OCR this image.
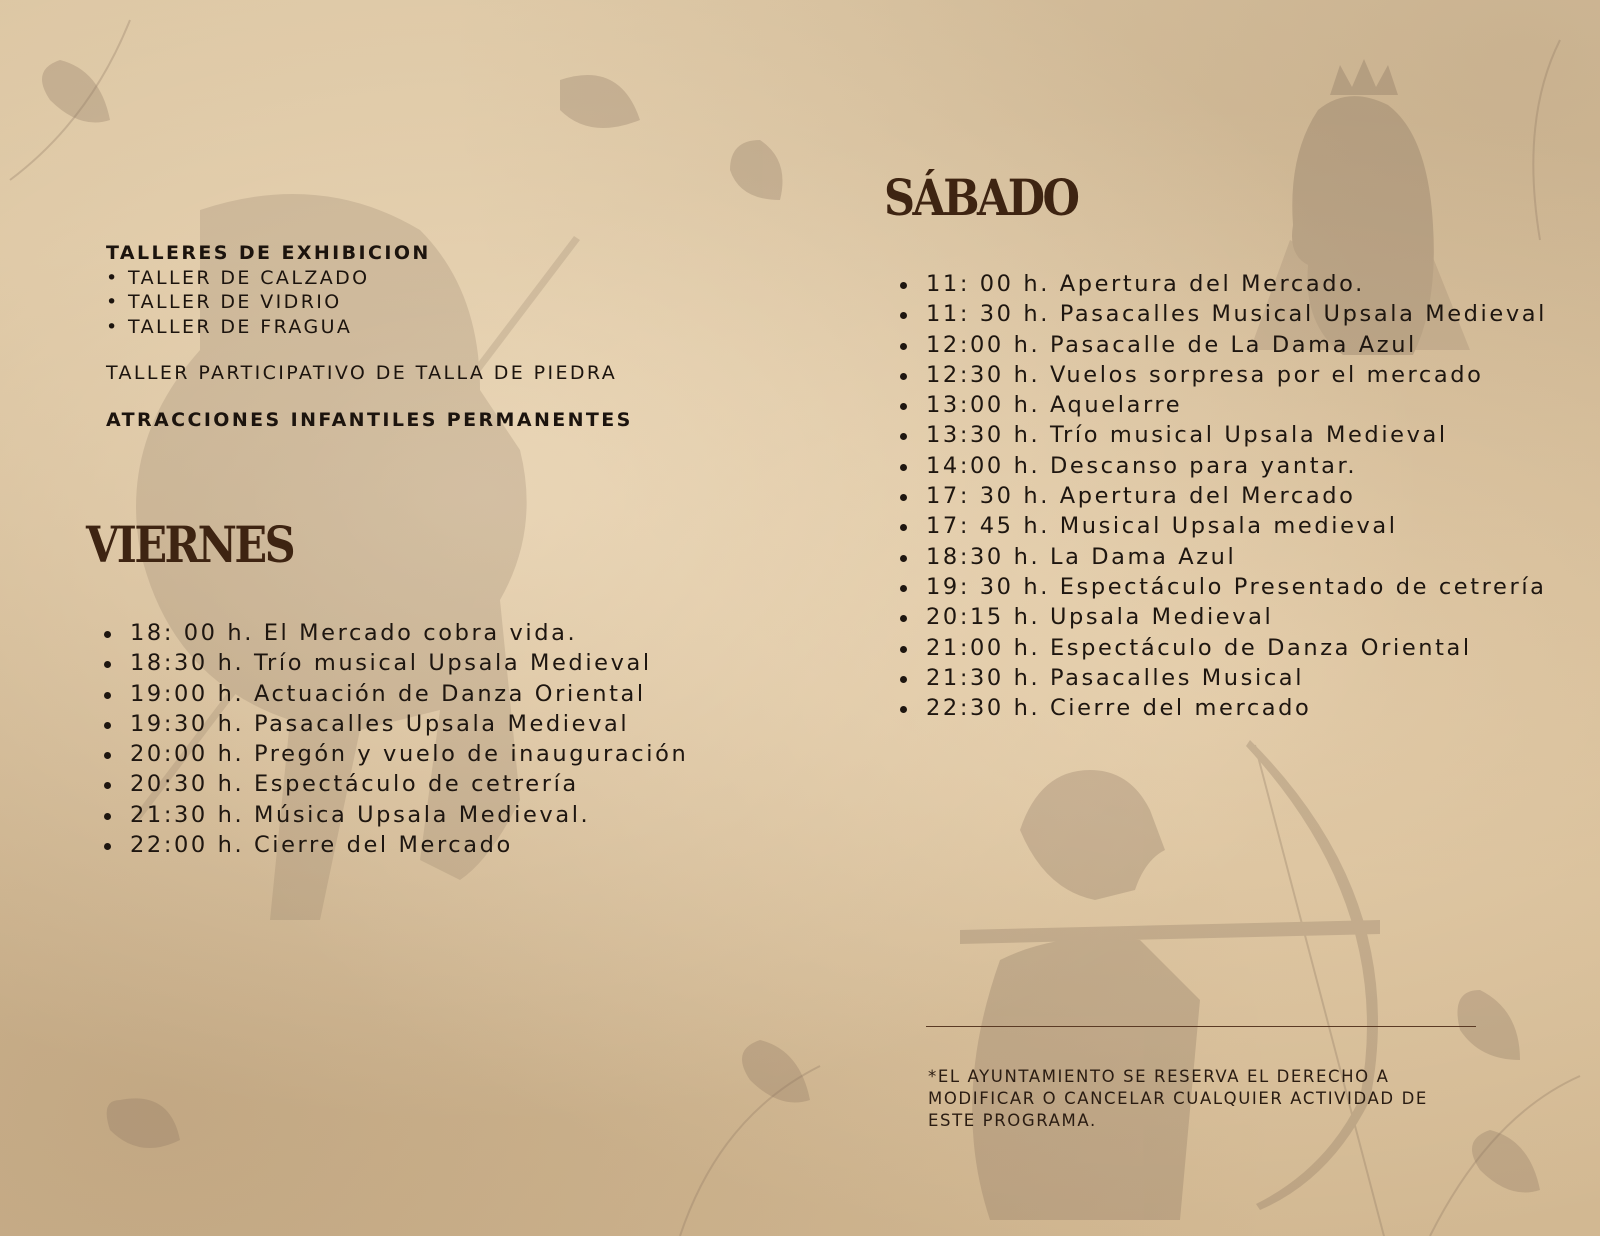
TALLERES DE EXHIBICION
• TALLER DE CALZADO
• TALLER DE VIDRIO
• TALLER DE FRAGUA
TALLER PARTICIPATIVO DE TALLA DE PIEDRA
ATRACCIONES INFANTILES PERMANENTES
VIERNES
18: 00 h. El Mercado cobra vida.
18:30 h. Trío musical Upsala Medieval
19:00 h. Actuación de Danza Oriental
19:30 h. Pasacalles Upsala Medieval
20:00 h. Pregón y vuelo de inauguración
20:30 h. Espectáculo de cetrería
21:30 h. Música Upsala Medieval.
22:00 h. Cierre del Mercado
SÁBADO
11: 00 h. Apertura del Mercado.
11: 30 h. Pasacalles Musical Upsala Medieval
12:00 h. Pasacalle de La Dama Azul
12:30 h. Vuelos sorpresa por el mercado
13:00 h. Aquelarre
13:30 h. Trío musical Upsala Medieval
14:00 h. Descanso para yantar.
17: 30 h. Apertura del Mercado
17: 45 h. Musical Upsala medieval
18:30 h. La Dama Azul
19: 30 h. Espectáculo Presentado de cetrería
20:15 h. Upsala Medieval
21:00 h. Espectáculo de Danza Oriental
21:30 h. Pasacalles Musical
22:30 h. Cierre del mercado

*EL AYUNTAMIENTO SE RESERVA EL DERECHO A
MODIFICAR O CANCELAR CUALQUIER ACTIVIDAD DE
ESTE PROGRAMA.
